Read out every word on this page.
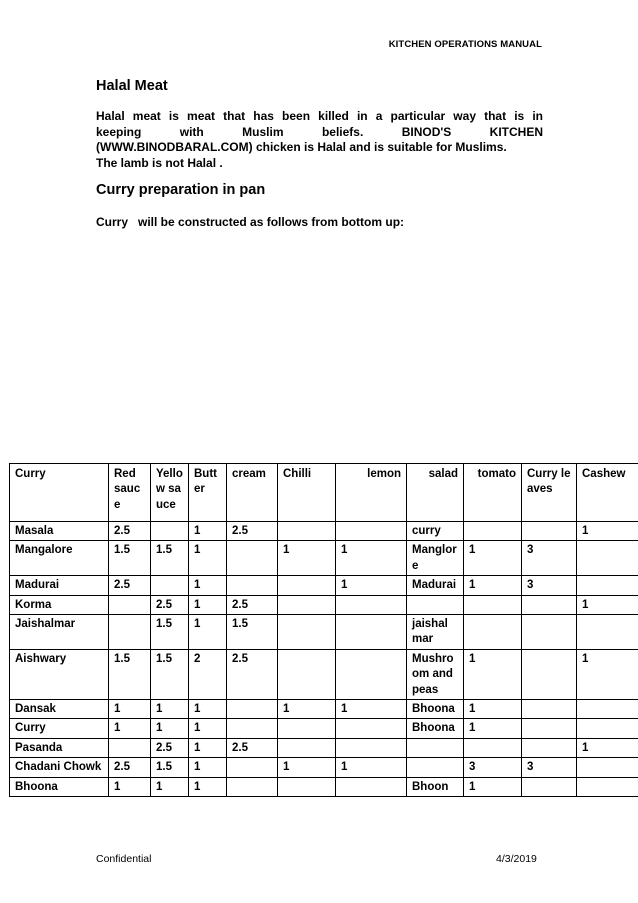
KITCHEN OPERATIONS MANUAL
Halal Meat
Halal meat is meat that has been killed in a particular way that is in
keeping with Muslim beliefs. BINOD'S KITCHEN
(WWW.BINODBARAL.COM) chicken is Halal and is suitable for Muslims.
The lamb is not Halal .
Curry preparation in pan
Curry   will be constructed as follows from bottom up:
Curry	Red sauce	Yellow sauce	Butter	cream	Chilli	lemon	salad	tomato	Curry leaves	Cashew
Masala	2.5		1	2.5			curry			1
Mangalore	1.5	1.5	1		1	1	Manglore	1	3	
Madurai	2.5		1			1	Madurai	1	3	
Korma		2.5	1	2.5						1
Jaishalmar		1.5	1	1.5			jaishalmar			
Aishwary	1.5	1.5	2	2.5			Mushroom and peas	1		1
Dansak	1	1	1		1	1	Bhoona	1		
Curry	1	1	1				Bhoona	1		
Pasanda		2.5	1	2.5						1
Chadani Chowk	2.5	1.5	1		1	1		3	3	
Bhoona	1	1	1				Bhoon	1		
Confidential	4/3/2019
